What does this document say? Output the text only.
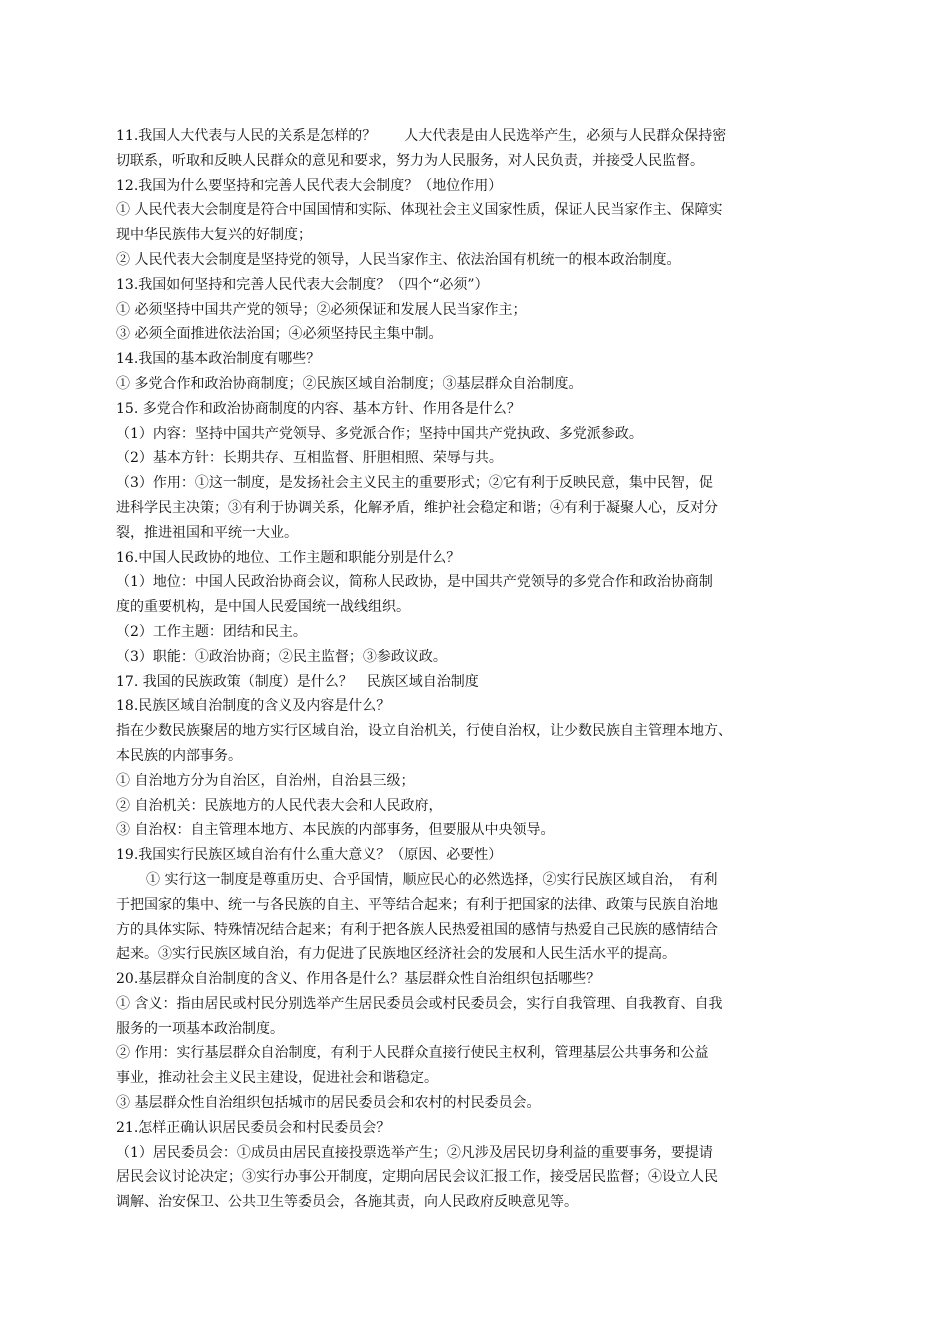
11.我国人大代表与人民的关系是怎样的？　　人大代表是由人民选举产生，必须与人民群众保持密
切联系，听取和反映人民群众的意见和要求，努力为人民服务，对人民负责，并接受人民监督。
12.我国为什么要坚持和完善人民代表大会制度？（地位作用）
① 人民代表大会制度是符合中国国情和实际、体现社会主义国家性质，保证人民当家作主、保障实
现中华民族伟大复兴的好制度；
② 人民代表大会制度是坚持党的领导，人民当家作主、依法治国有机统一的根本政治制度。
13.我国如何坚持和完善人民代表大会制度？（四个“必须”）
① 必须坚持中国共产党的领导；②必须保证和发展人民当家作主；
③ 必须全面推进依法治国；④必须坚持民主集中制。
14.我国的基本政治制度有哪些？
① 多党合作和政治协商制度；②民族区域自治制度；③基层群众自治制度。
15. 多党合作和政治协商制度的内容、基本方针、作用各是什么？
（1）内容：坚持中国共产党领导、多党派合作；坚持中国共产党执政、多党派参政。
（2）基本方针：长期共存、互相监督、肝胆相照、荣辱与共。
（3）作用：①这一制度，是发扬社会主义民主的重要形式；②它有利于反映民意，集中民智，促
进科学民主决策；③有利于协调关系，化解矛盾，维护社会稳定和谐；④有利于凝聚人心，反对分
裂，推进祖国和平统一大业。
16.中国人民政协的地位、工作主题和职能分别是什么？
（1）地位：中国人民政治协商会议，简称人民政协，是中国共产党领导的多党合作和政治协商制
度的重要机构，是中国人民爱国统一战线组织。
（2）工作主题：团结和民主。
（3）职能：①政治协商；②民主监督；③参政议政。
17. 我国的民族政策（制度）是什么？　民族区域自治制度
18.民族区域自治制度的含义及内容是什么？
指在少数民族聚居的地方实行区域自治，设立自治机关，行使自治权，让少数民族自主管理本地方、
本民族的内部事务。
① 自治地方分为自治区，自治州，自治县三级；
② 自治机关：民族地方的人民代表大会和人民政府，
③ 自治权：自主管理本地方、本民族的内部事务，但要服从中央领导。
19.我国实行民族区域自治有什么重大意义？（原因、必要性）
① 实行这一制度是尊重历史、合乎国情，顺应民心的必然选择，②实行民族区域自治，　有利
于把国家的集中、统一与各民族的自主、平等结合起来；有利于把国家的法律、政策与民族自治地
方的具体实际、特殊情况结合起来；有利于把各族人民热爱祖国的感情与热爱自己民族的感情结合
起来。③实行民族区域自治，有力促进了民族地区经济社会的发展和人民生活水平的提高。
20.基层群众自治制度的含义、作用各是什么？基层群众性自治组织包括哪些？
① 含义：指由居民或村民分别选举产生居民委员会或村民委员会，实行自我管理、自我教育、自我
服务的一项基本政治制度。
② 作用：实行基层群众自治制度，有利于人民群众直接行使民主权利，管理基层公共事务和公益
事业，推动社会主义民主建设，促进社会和谐稳定。
③ 基层群众性自治组织包括城市的居民委员会和农村的村民委员会。
21.怎样正确认识居民委员会和村民委员会？
（1）居民委员会：①成员由居民直接投票选举产生；②凡涉及居民切身利益的重要事务，要提请
居民会议讨论决定；③实行办事公开制度，定期向居民会议汇报工作，接受居民监督；④设立人民
调解、治安保卫、公共卫生等委员会，各施其责，向人民政府反映意见等。
